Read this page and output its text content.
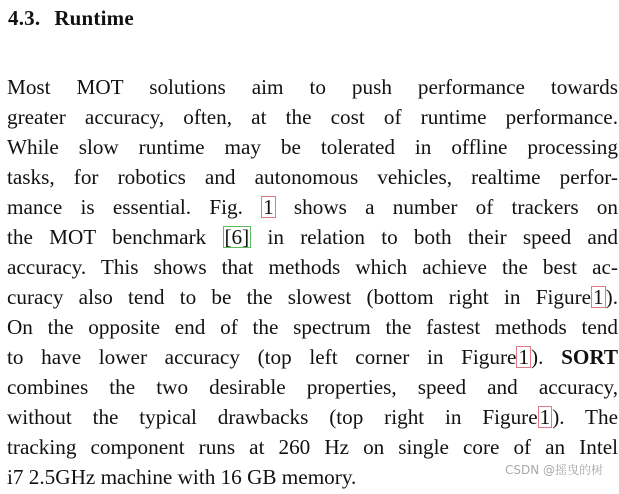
4.3. Runtime
Most MOT solutions aim to push performance towards
greater accuracy, often, at the cost of runtime performance.
While slow runtime may be tolerated in offline processing
tasks, for robotics and autonomous vehicles, realtime perfor-
mance is essential. Fig. 1 shows a number of trackers on
the MOT benchmark [6] in relation to both their speed and
accuracy. This shows that methods which achieve the best ac-
curacy also tend to be the slowest (bottom right in Figure1).
On the opposite end of the spectrum the fastest methods tend
to have lower accuracy (top left corner in Figure1). SORT
combines the two desirable properties, speed and accuracy,
without the typical drawbacks (top right in Figure1). The
tracking component runs at 260 Hz on single core of an Intel
i7 2.5GHz machine with 16 GB memory.	CSDN @摇曳的树
